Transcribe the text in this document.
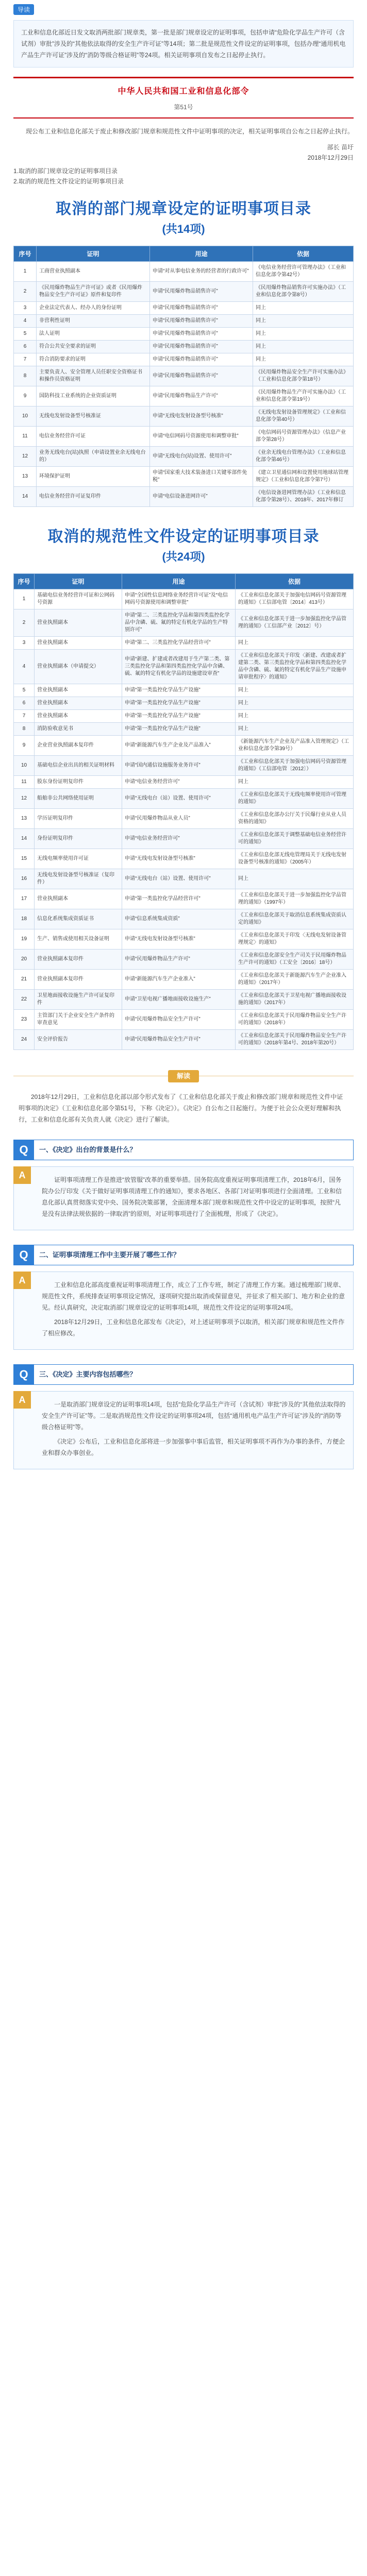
导读
工业和信息化部近日发文取消两批部门规章类，第一批是部门规章设定的证明事项，包括申请“危险化学品生产许可（含试剂）审批”涉及的“其他依法取得的安全生产许可证”等14项；第二批是规范性文件设定的证明事项，包括办理“通用机电产品生产许可证”涉及的“消防等级合格证明”等24项。相关证明事项自发布之日起停止执行。
中华人民共和国工业和信息化部令
第51号
现公布工业和信息化部关于废止和修改部门规章和规范性文件中证明事项的决定，相关证明事项自公布之日起停止执行。
部长 苗圩
2018年12月29日
1.取消的部门规章设定的证明事项目录
2.取消的规范性文件设定的证明事项目录
取消的部门规章设定的证明事项目录
(共14项)
序号	证明	用途	依据
1	工商营业执照副本	申请“对从事电信业务的经营者的行政许可”	《电信业务经营许可管理办法》（工业和信息化部令第42号）
2	《民用爆炸物品生产许可证》或者《民用爆炸物品安全生产许可证》原件和复印件	申请“民用爆炸物品销售许可”	《民用爆炸物品销售许可实施办法》（工业和信息化部令第8号）
3	企业法定代表人、经办人的身份证明	申请“民用爆炸物品销售许可”	同上
4	非营利性证明	申请“民用爆炸物品销售许可”	同上
5	法人证明	申请“民用爆炸物品销售许可”	同上
6	符合公共安全要求的证明	申请“民用爆炸物品销售许可”	同上
7	符合消防要求的证明	申请“民用爆炸物品销售许可”	同上
8	主要负责人、安全管理人员任职安全资格证书和操作员资格证明	申请“民用爆炸物品销售许可”	《民用爆炸物品安全生产许可实施办法》（工业和信息化部令第18号）
9	国防科技工业系统的企业资质证明	申请“民用爆炸物品生产许可”	《民用爆炸物品生产许可实施办法》（工业和信息化部令第19号）
10	无线电发射设备型号核准证	申请“无线电发射设备型号核准”	《无线电发射设备管理规定》（工业和信息化部令第40号）
11	电信业务经营许可证	申请“电信网码号资源使用和调整审批”	《电信网码号资源管理办法》（信息产业部令第28号）
12	业务无线电台(站)执照（申请设置业余无线电台的）	申请“无线电台(站)设置、使用许可”	《业余无线电台管理办法》（工业和信息化部令第46号）
13	环境保护证明	申请“国家重大技术装备进口关键零部件免税”	《建立卫星通信网和设置使用地球站管理规定》（工业和信息化部令第7号）
14	电信业务经营许可证复印件	申请“电信设备进网许可”	《电信设备进网管理办法》（工业和信息化部令第28号）、2018年、2017年修订
取消的规范性文件设定的证明事项目录
(共24项)
序号	证明	用途	依据
1	基础电信业务经营许可证和公网码号资源	申请“全国性信息网络业务经营许可证”及“电信网码号资源使用和调整审批”	《工业和信息化部关于加强电信网码号资源管理的通知》（工信部电管〔2014〕413号）
2	营业执照副本	申请“第二、三类监控化学品和第四类监控化学品中含磷、硫、氟的特定有机化学品的生产特别许可”	《工业和信息化部关于进一步加强监控化学品管理的通知》（工信部产业〔2012〕号）
3	营业执照副本	申请“第二、三类监控化学品经营许可”	同上
4	营业执照副本（申请提交）	申请“新建、扩建或者改建用于生产第二类、第三类监控化学品和第四类监控化学品中含磷、硫、氟的特定有机化学品的设施建设审查”	《工业和信息化部关于印发〈新建、改建或者扩建第二类、第三类监控化学品和第四类监控化学品中含磷、硫、氟的特定有机化学品生产设施申请审批程序〉的通知》
5	营业执照副本	申请“第一类监控化学品生产设施”	同上
6	营业执照副本	申请“第一类监控化学品生产设施”	同上
7	营业执照副本	申请“第一类监控化学品生产设施”	同上
8	消防验收意见书	申请“第一类监控化学品生产设施”	同上
9	企业营业执照副本复印件	申请“新能源汽车生产企业及产品准入”	《新能源汽车生产企业及产品准入管理规定》（工业和信息化部令第39号）
10	基础电信企业出具的相关证明材料	申请“国内通信设施服务业务许可”	《工业和信息化部关于加强电信网码号资源管理的通知》（工信部电管〔2012〕）
11	股东身份证明复印件	申请“电信业务经营许可”	同上
12	船舶非公共网络使用证明	申请“无线电台（站）设置、使用许可”	《工业和信息化部关于无线电频率使用许可管理的通知》
13	学历证明复印件	申请“民用爆炸物品从业人员”	《工业和信息化部办公厅关于民爆行业从业人员资格的通知》
14	身份证明复印件	申请“电信业务经营许可”	《工业和信息化部关于调整基础电信业务经营许可的通知》
15	无线电频率使用许可证	申请“无线电发射设备型号核准”	《工业和信息化部无线电管理局关于无线电发射设备型号核准的通知》（2005年）
16	无线电发射设备型号核准证（复印件）	申请“无线电台（站）设置、使用许可”	同上
17	营业执照副本	申请“第一类监控化学品经营许可”	《工业和信息化部关于进一步加强监控化学品管理的通知》（1997年）
18	信息化系统集成资质证书	申请“信息系统集成资质”	《工业和信息化部关于取消信息系统集成资质认定的通知》
19	生产、销售或使用相关设备证明	申请“无线电发射设备型号核准”	《工业和信息化部关于印发〈无线电发射设备管理规定〉的通知》
20	营业执照副本复印件	申请“民用爆炸物品生产许可”	《工业和信息化部安全生产司关于民用爆炸物品生产许可的通知》（工安全〔2016〕18号）
21	营业执照副本复印件	申请“新能源汽车生产企业准入”	《工业和信息化部关于新能源汽车生产企业准入的通知》（2017年）
22	卫星地面接收设施生产许可证复印件	申请“卫星电视广播地面接收设施生产”	《工业和信息化部关于卫星电视广播地面接收设施的通知》（2017年）
23	主管部门关于企业安全生产条件的审查意见	申请“民用爆炸物品安全生产许可”	《工业和信息化部关于民用爆炸物品安全生产许可的通知》（2018年）
24	安全评价报告	申请“民用爆炸物品安全生产许可”	《工业和信息化部关于民用爆炸物品安全生产许可的通知》（2018年第4号、2018年第20号）
解读
2018年12月29日，工业和信息化部以部令形式发布了《工业和信息化部关于废止和修改部门规章和规范性文件中证明事项的决定》（工业和信息化部令第51号，下称《决定》）。《决定》自公布之日起施行。为便于社会公众更好理解和执行，工业和信息化部有关负责人就《决定》进行了解读。
Q	一、《决定》出台的背景是什么？
A	证明事项清理工作是推进“放管服”改革的重要举措。国务院高度重视证明事项清理工作，2018年6月，国务院办公厅印发《关于做好证明事项清理工作的通知》，要求各地区、各部门对证明事项进行全面清理。工业和信息化部认真贯彻落实党中央、国务院决策部署，全面清理本部门规章和规范性文件中设定的证明事项，按照“凡是没有法律法规依据的一律取消”的原则，对证明事项进行了全面梳理，形成了《决定》。

Q	二、证明事项清理工作中主要开展了哪些工作？
A	工业和信息化部高度重视证明事项清理工作，成立了工作专班，制定了清理工作方案。通过梳理部门规章、规范性文件，系统排查证明事项设定情况，逐项研究提出取消或保留意见，并征求了相关部门、地方和企业的意见。经认真研究，决定取消部门规章设定的证明事项14项，规范性文件设定的证明事项24项。

2018年12月29日，工业和信息化部发布《决定》，对上述证明事项予以取消，相关部门规章和规范性文件作了相应修改。

Q	三、《决定》主要内容包括哪些？
A	一是取消部门规章设定的证明事项14项，包括“危险化学品生产许可（含试剂）审批”涉及的“其他依法取得的安全生产许可证”等。二是取消规范性文件设定的证明事项24项，包括“通用机电产品生产许可证”涉及的“消防等级合格证明”等。

《决定》公布后，工业和信息化部将进一步加强事中事后监管，相关证明事项不再作为办事的条件，方便企业和群众办事创业。
